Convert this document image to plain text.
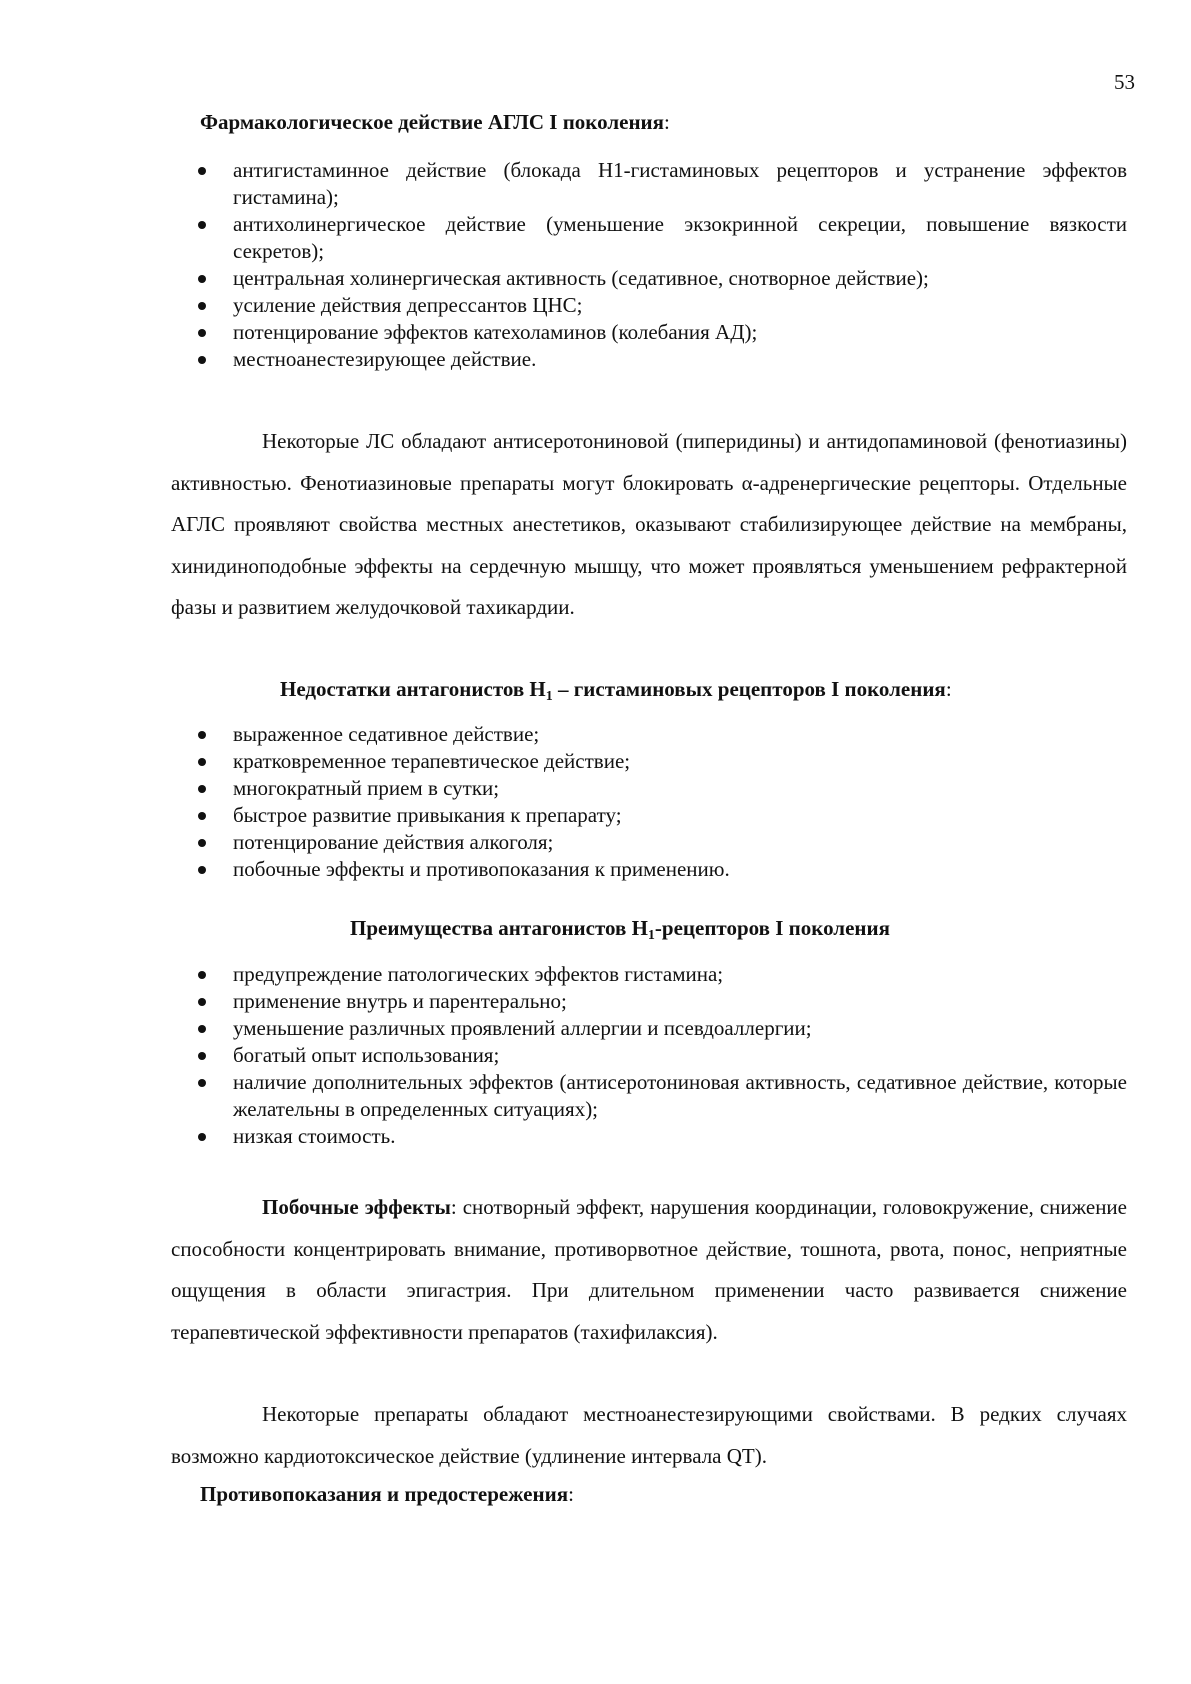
53
Фармакологическое действие АГЛС I поколения:
антигистаминное действие (блокада Н1-гистаминовых рецепторов и устранение эффектов гистамина);
антихолинергическое действие (уменьшение экзокринной секреции, повышение вязкости секретов);
центральная холинергическая активность (седативное, снотворное действие);
усиление действия депрессантов ЦНС;
потенцирование эффектов катехоламинов (колебания АД);
местноанестезирующее действие.

Некоторые ЛС обладают антисеротониновой (пиперидины) и антидопаминовой (фенотиазины) активностью. Фенотиазиновые препараты могут блокировать α-адренергические рецепторы. Отдельные АГЛС проявляют свойства местных анестетиков, оказывают стабилизирующее действие на мембраны, хинидиноподобные эффекты на сердечную мышцу, что может проявляться уменьшением рефрактерной фазы и развитием желудочковой тахикардии.

Недостатки антагонистов $Н_1$ – гистаминовых рецепторов I поколения:
выраженное седативное действие;
кратковременное терапевтическое действие;
многократный прием в сутки;
быстрое развитие привыкания к препарату;
потенцирование действия алкоголя;
побочные эффекты и противопоказания к применению.
Преимущества антагонистов $Н_1$-рецепторов I поколения
предупреждение патологических эффектов гистамина;
применение внутрь и парентерально;
уменьшение различных проявлений аллергии и псевдоаллергии;
богатый опыт использования;
наличие дополнительных эффектов (антисеротониновая активность, седативное действие, которые желательны в определенных ситуациях);
низкая стоимость.

Побочные эффекты: снотворный эффект, нарушения координации, головокружение, снижение способности концентрировать внимание, противорвотное действие, тошнота, рвота, понос, неприятные ощущения в области эпигастрия. При длительном применении часто развивается снижение терапевтической эффективности препаратов (тахифилаксия).

Некоторые препараты обладают местноанестезирующими свойствами. В редких случаях возможно кардиотоксическое действие (удлинение интервала QT).

Противопоказания и предостережения:
